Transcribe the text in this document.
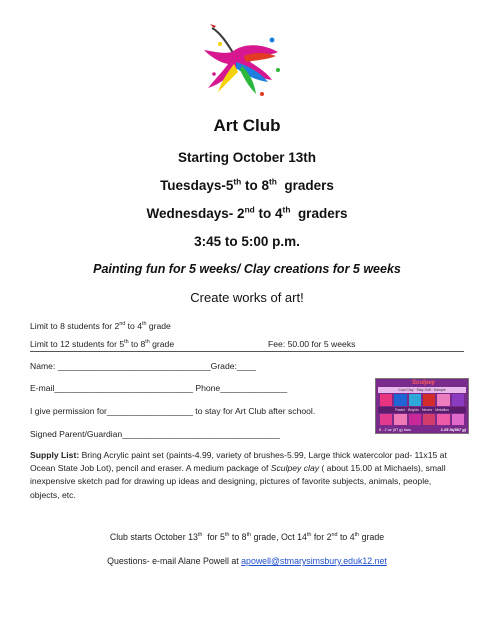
Art Club
Starting October 13th
Tuesdays-5th to 8th  graders
Wednesdays- 2nd to 4th  graders
3:45 to 5:00 p.m.
Painting fun for 5 weeks/ Clay creations for 5 weeks
Create works of art!
Limit to 8 students for 2nd to 4th grade
Limit to 12 students for 5th to 8th grade	Fee: 50.00 for 5 weeks
Name: ________________________________Grade:____
E-mail_____________________________ Phone______________
I give permission for__________________ to stay for Art Club after school.
Signed Parent/Guardian_________________________________
Sculpey
Cool Clay · Stay Soft · Sample
Pastel · Brights · Neons · Metallics
8 - 2 oz (57 g) bars	1.25 lb(567 g)
Supply List: Bring Acrylic paint set (paints-4.99, variety of brushes-5.99, Large thick watercolor pad- 11x15 at
Ocean State Job Lot), pencil and eraser. A medium package of Sculpey clay ( about 15.00 at Michaels), small
inexpensive sketch pad for drawing up ideas and designing, pictures of favorite subjects, animals, people,
objects, etc.
Club starts October 13th  for 5th to 8th grade, Oct 14th for 2nd to 4th grade
Questions- e-mail Alane Powell at apowell@stmarysimsbury.eduk12.net
